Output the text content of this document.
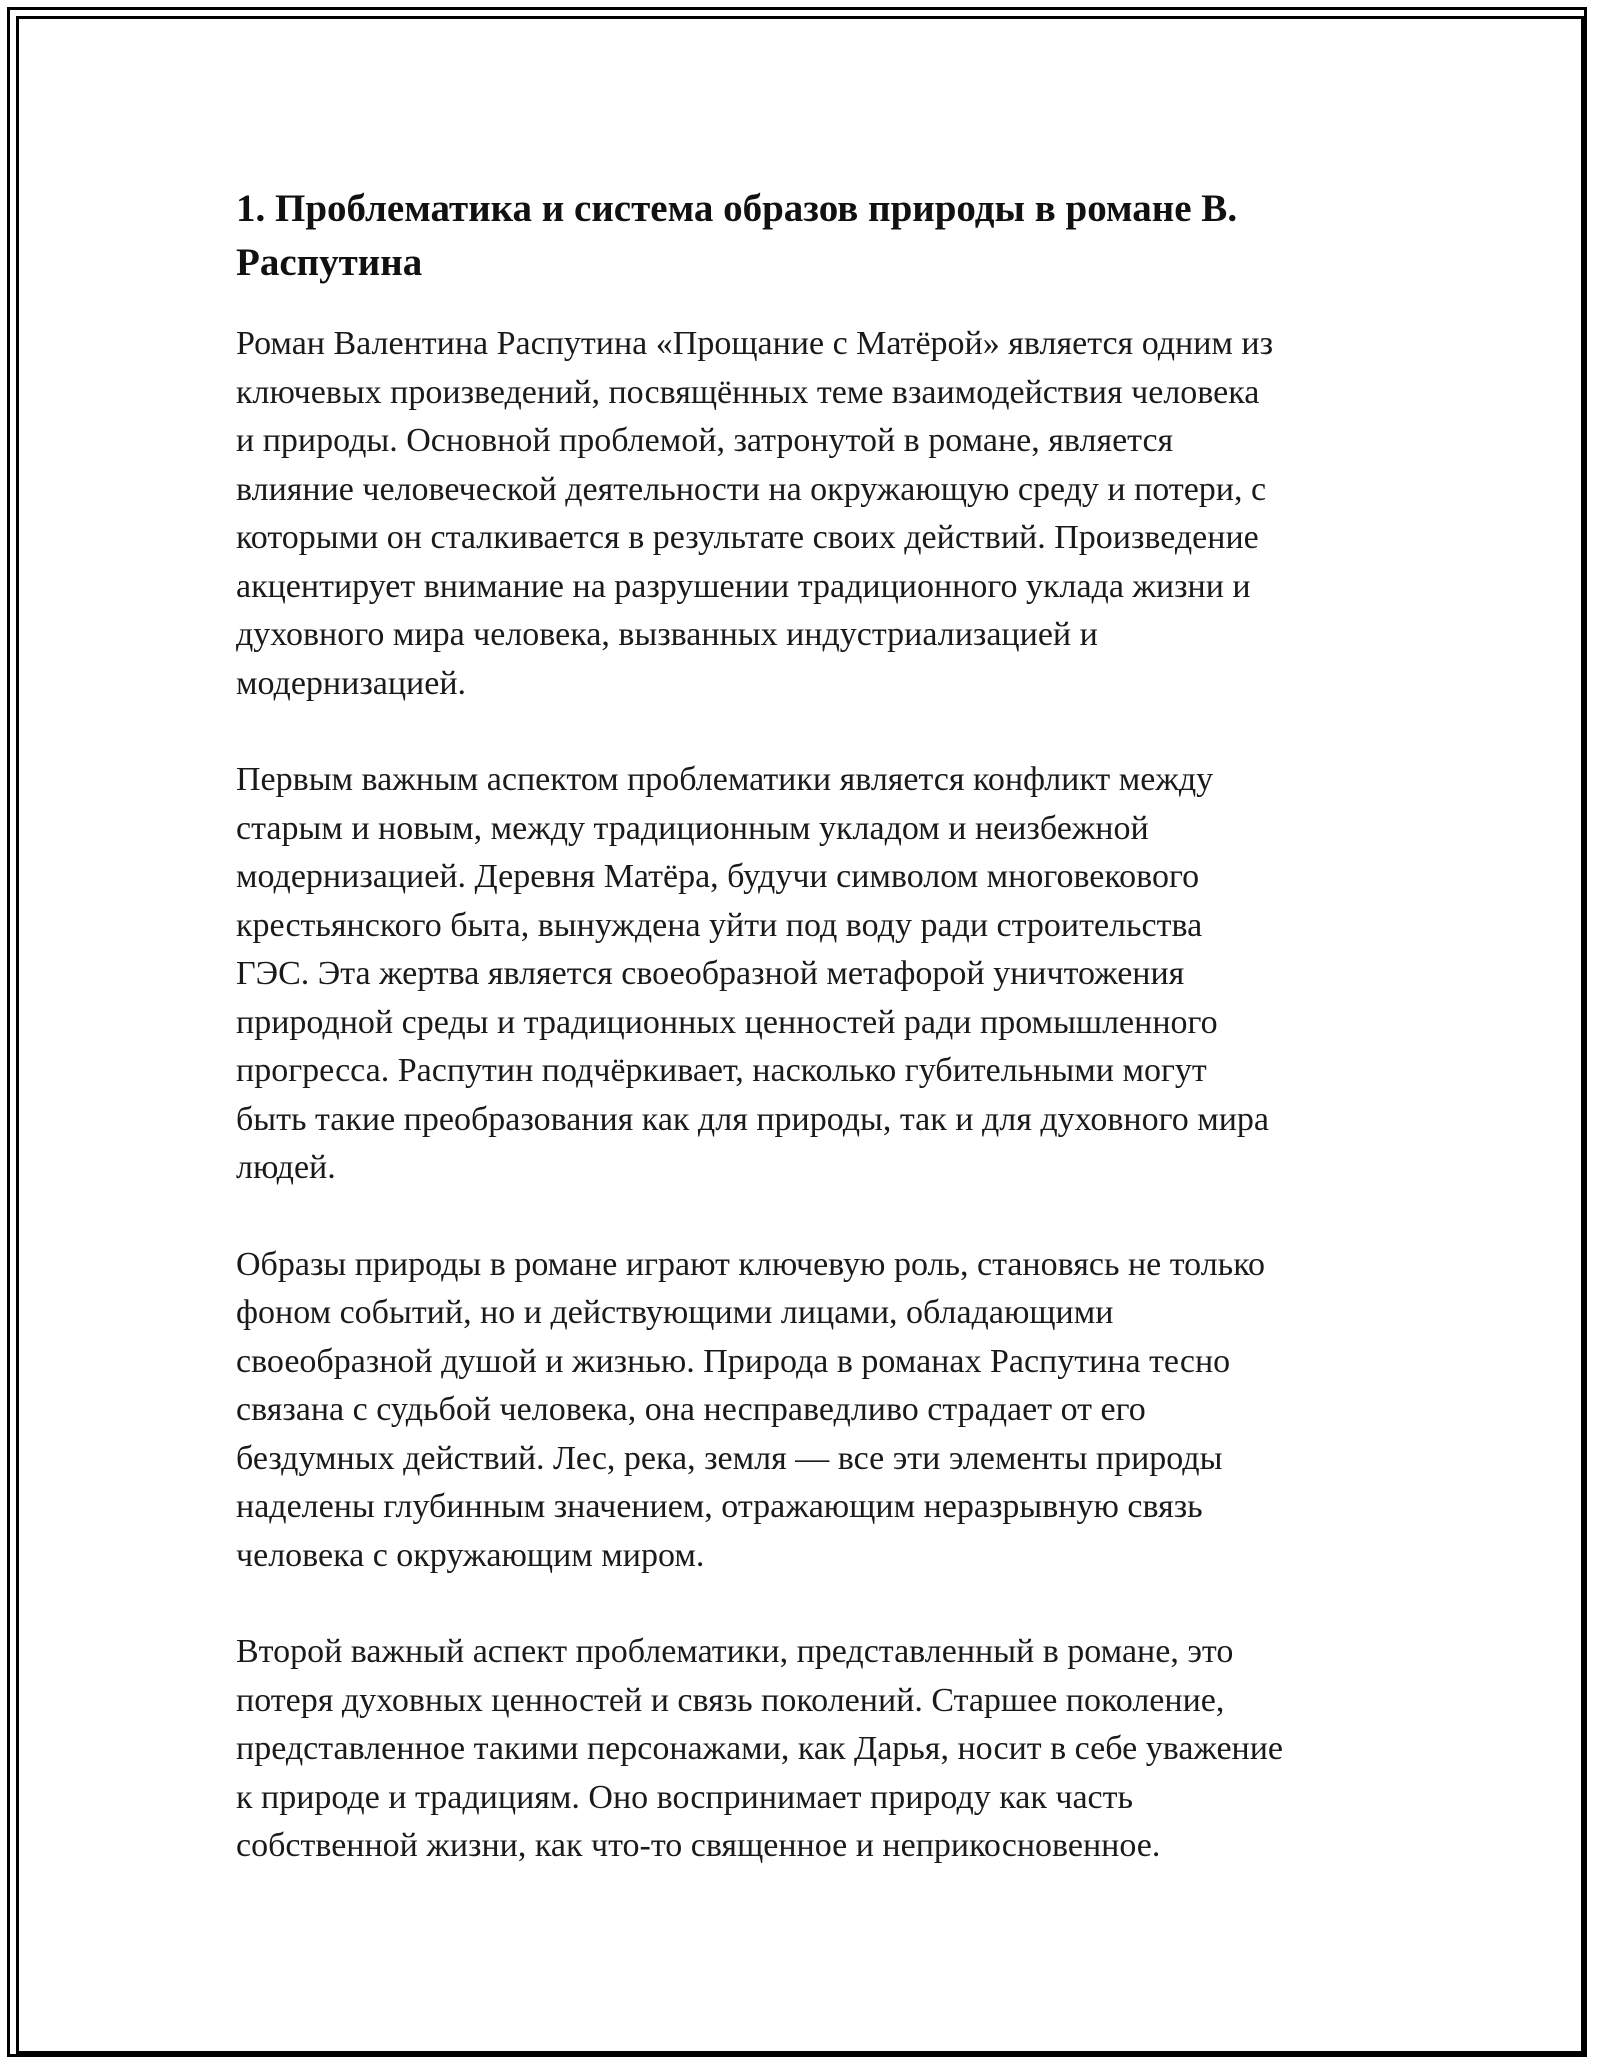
1. Проблематика и система образов природы в романе В.
Распутина

Роман Валентина Распутина «Прощание с Матёрой» является одним из
ключевых произведений, посвящённых теме взаимодействия человека
и природы. Основной проблемой, затронутой в романе, является
влияние человеческой деятельности на окружающую среду и потери, с
которыми он сталкивается в результате своих действий. Произведение
акцентирует внимание на разрушении традиционного уклада жизни и
духовного мира человека, вызванных индустриализацией и
модернизацией.

Первым важным аспектом проблематики является конфликт между
старым и новым, между традиционным укладом и неизбежной
модернизацией. Деревня Матёра, будучи символом многовекового
крестьянского быта, вынуждена уйти под воду ради строительства
ГЭС. Эта жертва является своеобразной метафорой уничтожения
природной среды и традиционных ценностей ради промышленного
прогресса. Распутин подчёркивает, насколько губительными могут
быть такие преобразования как для природы, так и для духовного мира
людей.

Образы природы в романе играют ключевую роль, становясь не только
фоном событий, но и действующими лицами, обладающими
своеобразной душой и жизнью. Природа в романах Распутина тесно
связана с судьбой человека, она несправедливо страдает от его
бездумных действий. Лес, река, земля — все эти элементы природы
наделены глубинным значением, отражающим неразрывную связь
человека с окружающим миром.

Второй важный аспект проблематики, представленный в романе, это
потеря духовных ценностей и связь поколений. Старшее поколение,
представленное такими персонажами, как Дарья, носит в себе уважение
к природе и традициям. Оно воспринимает природу как часть
собственной жизни, как что-то священное и неприкосновенное.
